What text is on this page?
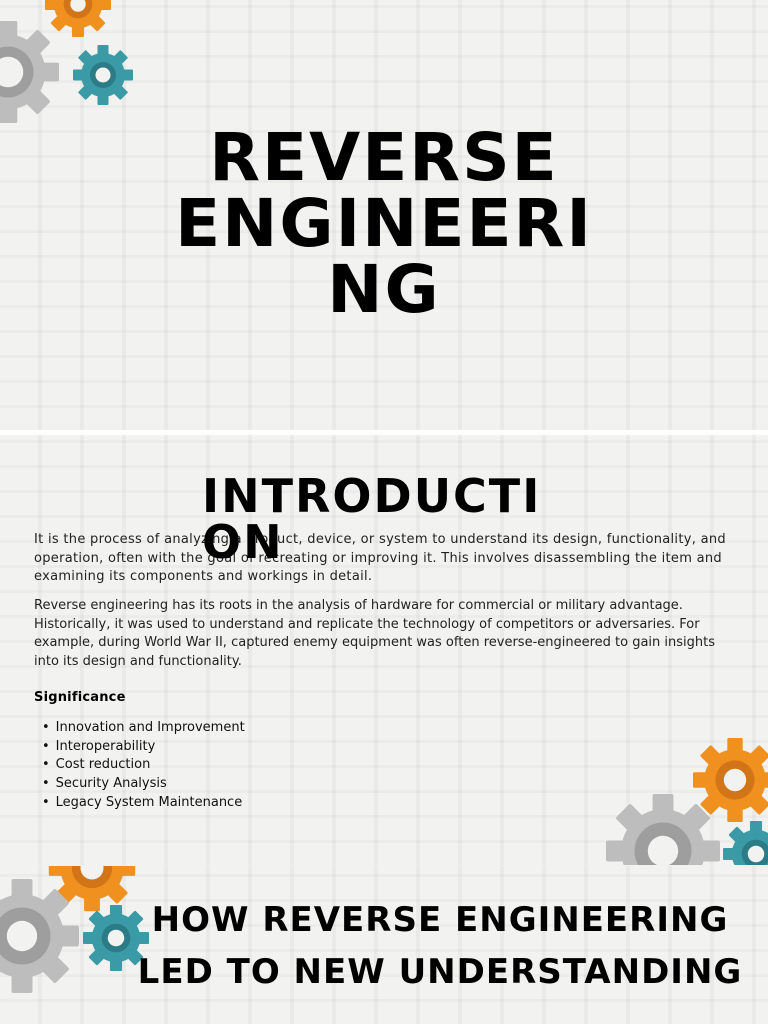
REVERSE
ENGINEERI
NG
INTRODUCTI
ON

It is the process of analyzing a product, device, or system to understand its design, functionality, and operation, often with the goal of recreating or improving it. This involves disassembling the item and examining its components and workings in detail.

Reverse engineering has its roots in the analysis of hardware for commercial or military advantage. Historically, it was used to understand and replicate the technology of competitors or adversaries. For example, during World War II, captured enemy equipment was often reverse-engineered to gain insights into its design and functionality.

Significance
• Innovation and Improvement
• Interoperability
• Cost reduction
• Security Analysis
• Legacy System Maintenance
HOW REVERSE ENGINEERING
LED TO NEW UNDERSTANDING
